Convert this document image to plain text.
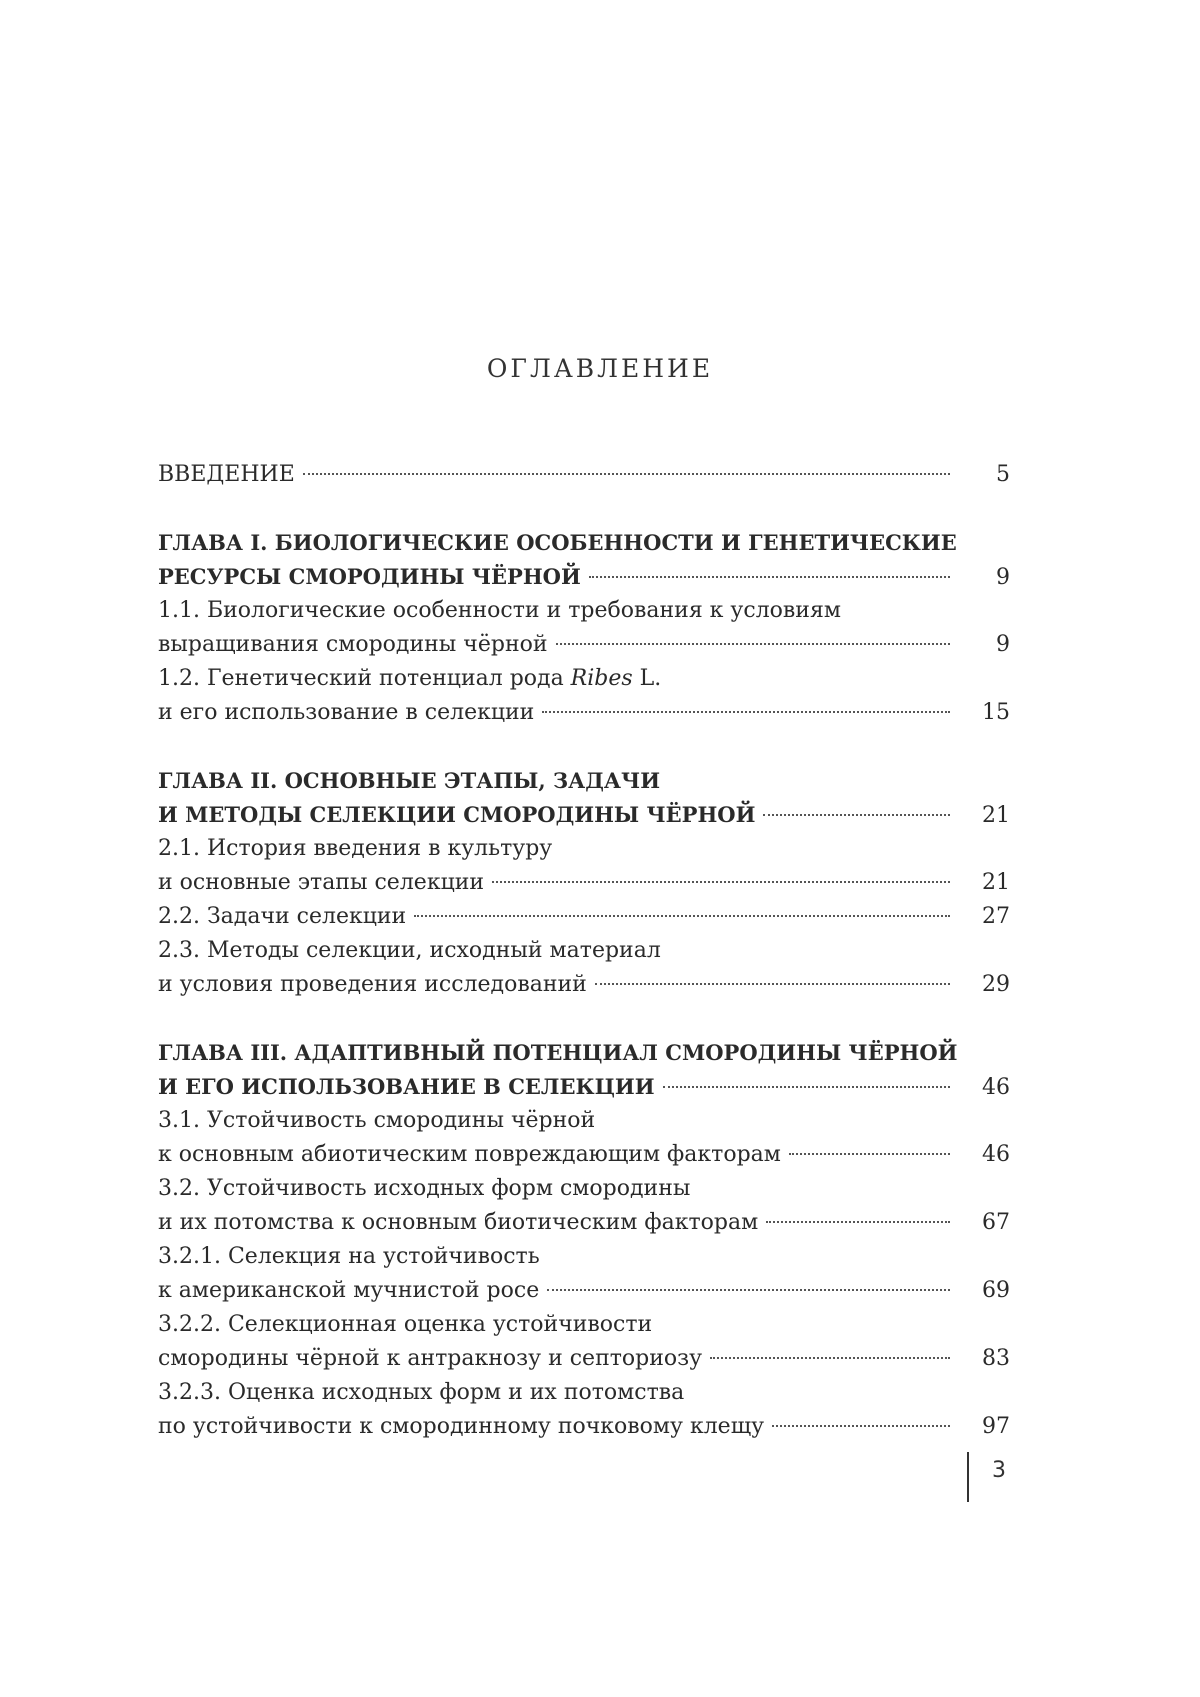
ОГЛАВЛЕНИЕ
ВВЕДЕНИЕ	5
ГЛАВА I. БИОЛОГИЧЕСКИЕ ОСОБЕННОСТИ И ГЕНЕТИЧЕСКИЕ
РЕСУРСЫ СМОРОДИНЫ ЧЁРНОЙ	9
1.1. Биологические особенности и требования к условиям
выращивания смородины чёрной	9
1.2. Генетический потенциал рода Ribes L.
и его использование в селекции	15
ГЛАВА II. ОСНОВНЫЕ ЭТАПЫ, ЗАДАЧИ
И МЕТОДЫ СЕЛЕКЦИИ СМОРОДИНЫ ЧЁРНОЙ	21
2.1. История введения в культуру
и основные этапы селекции	21
2.2. Задачи селекции	27
2.3. Методы селекции, исходный материал
и условия проведения исследований	29
ГЛАВА III. АДАПТИВНЫЙ ПОТЕНЦИАЛ СМОРОДИНЫ ЧЁРНОЙ
И ЕГО ИСПОЛЬЗОВАНИЕ В СЕЛЕКЦИИ	46
3.1. Устойчивость смородины чёрной
к основным абиотическим повреждающим факторам	46
3.2. Устойчивость исходных форм смородины
и их потомства к основным биотическим факторам	67
3.2.1. Селекция на устойчивость
к американской мучнистой росе	69
3.2.2. Селекционная оценка устойчивости
смородины чёрной к антракнозу и септориозу	83
3.2.3. Оценка исходных форм и их потомства
по устойчивости к смородинному почковому клещу	97
3
